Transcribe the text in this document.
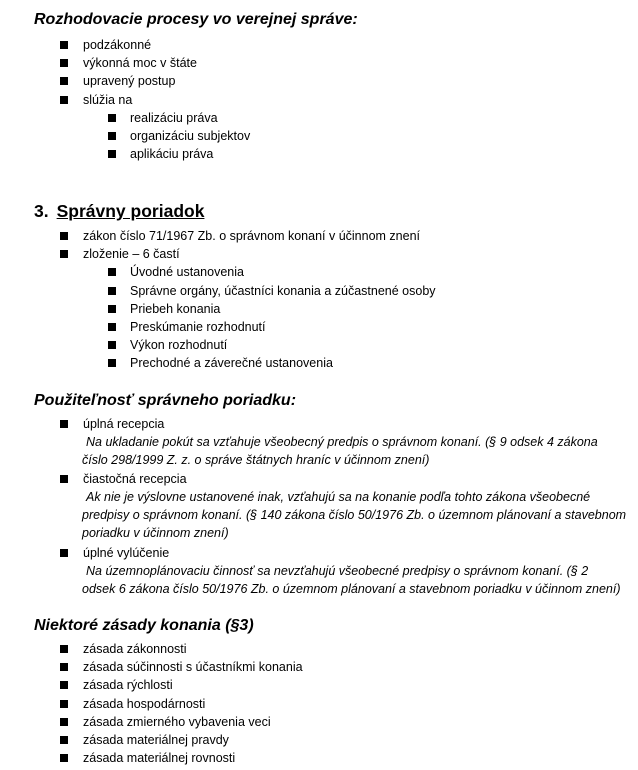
Rozhodovacie procesy vo verejnej správe:
podzákonné
výkonná moc v štáte
upravený postup
slúžia na
realizáciu práva
organizáciu subjektov
aplikáciu práva
3. Správny poriadok
zákon číslo 71/1967 Zb. o správnom konaní v účinnom znení
zloženie – 6 častí
Úvodné ustanovenia
Správne orgány, účastníci konania a zúčastnené osoby
Priebeh konania
Preskúmanie rozhodnutí
Výkon rozhodnutí
Prechodné a záverečné ustanovenia
Použiteľnosť správneho poriadku:
úplná recepcia
Na ukladanie pokút sa vzťahuje všeobecný predpis o správnom konaní. (§ 9 odsek 4 zákona
číslo 298/1999 Z. z. o správe štátnych hraníc v účinnom znení)
čiastočná recepcia
Ak nie je výslovne ustanovené inak, vzťahujú sa na konanie podľa tohto zákona všeobecné
predpisy o správnom konaní. (§ 140 zákona číslo 50/1976 Zb. o územnom plánovaní a stavebnom
poriadku v účinnom znení)
úplné vylúčenie
Na územnoplánovaciu činnosť sa nevzťahujú všeobecné predpisy o správnom konaní. (§ 2
odsek 6 zákona číslo 50/1976 Zb. o územnom plánovaní a stavebnom poriadku v účinnom znení)
Niektoré zásady konania (§3)
zásada zákonnosti
zásada súčinnosti s účastníkmi konania
zásada rýchlosti
zásada hospodárnosti
zásada zmierného vybavenia veci
zásada materiálnej pravdy
zásada materiálnej rovnosti
